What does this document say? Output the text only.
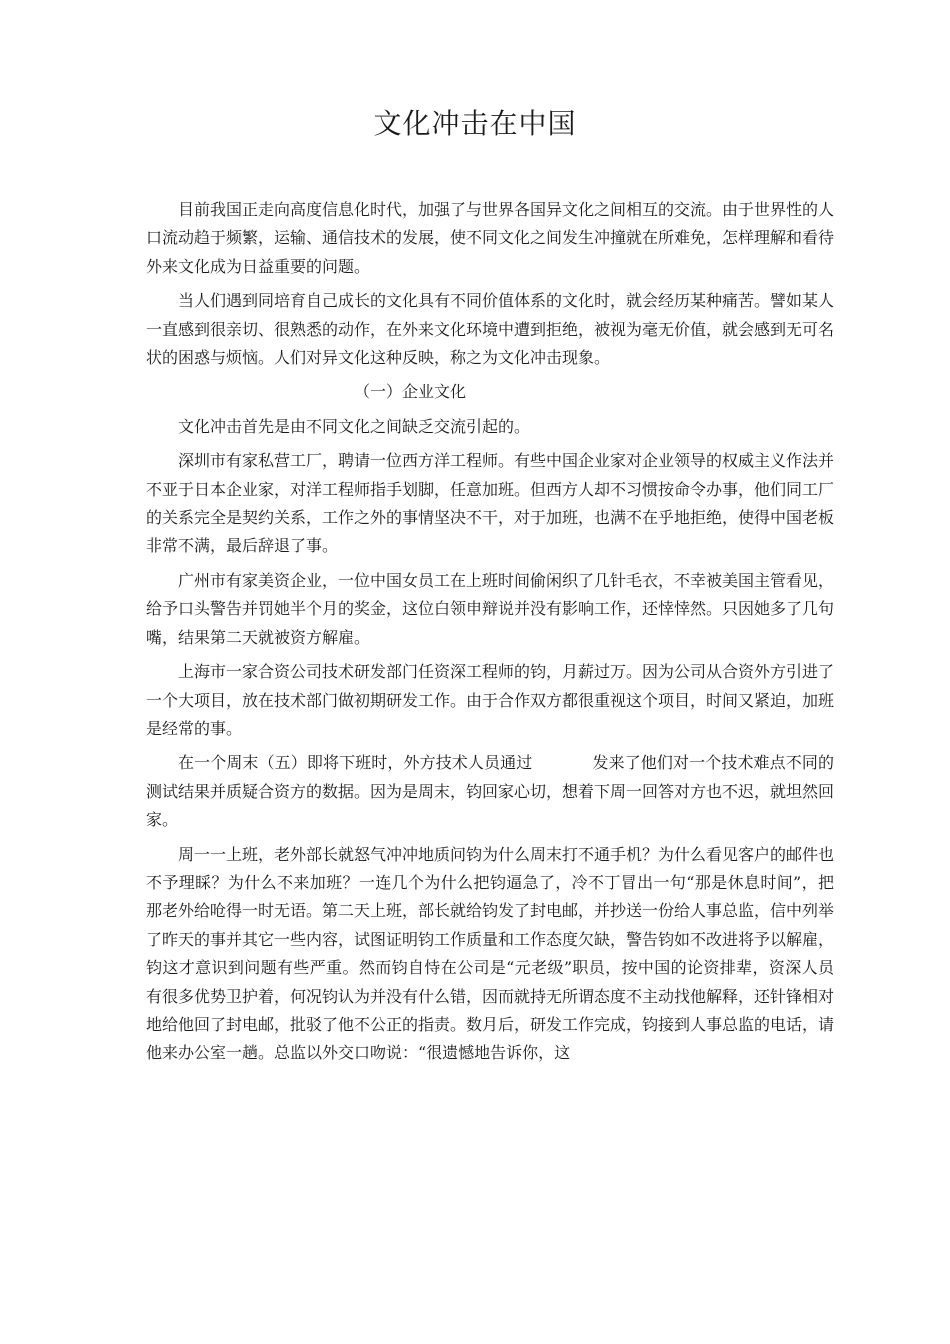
文化冲击在中国

目前我国正走向高度信息化时代，加强了与世界各国异文化之间相互的交流。由于世界性的人口流动趋于频繁，运输、通信技术的发展，使不同文化之间发生冲撞就在所难免，怎样理解和看待外来文化成为日益重要的问题。

当人们遇到同培育自己成长的文化具有不同价值体系的文化时，就会经历某种痛苦。譬如某人一直感到很亲切、很熟悉的动作，在外来文化环境中遭到拒绝，被视为毫无价值，就会感到无可名状的困惑与烦恼。人们对异文化这种反映，称之为文化冲击现象。

（一）企业文化

文化冲击首先是由不同文化之间缺乏交流引起的。

深圳市有家私营工厂，聘请一位西方洋工程师。有些中国企业家对企业领导的权威主义作法并不亚于日本企业家，对洋工程师指手划脚，任意加班。但西方人却不习惯按命令办事，他们同工厂的关系完全是契约关系，工作之外的事情坚决不干，对于加班，也满不在乎地拒绝，使得中国老板非常不满，最后辞退了事。

广州市有家美资企业，一位中国女员工在上班时间偷闲织了几针毛衣，不幸被美国主管看见，给予口头警告并罚她半个月的奖金，这位白领申辩说并没有影响工作，还悻悻然。只因她多了几句嘴，结果第二天就被资方解雇。

上海市一家合资公司技术研发部门任资深工程师的钧，月薪过万。因为公司从合资外方引进了一个大项目，放在技术部门做初期研发工作。由于合作双方都很重视这个项目，时间又紧迫，加班是经常的事。

在一个周末（五）即将下班时，外方技术人员通过	发来了他们对一个技术难点不同的测试结果并质疑合资方的数据。因为是周末，钧回家心切，想着下周一回答对方也不迟，就坦然回家。

周一一上班，老外部长就怒气冲冲地质问钧为什么周末打不通手机？为什么看见客户的邮件也不予理睬？为什么不来加班？一连几个为什么把钧逼急了，冷不丁冒出一句“那是休息时间”，把那老外给呛得一时无语。第二天上班，部长就给钧发了封电邮，并抄送一份给人事总监，信中列举了昨天的事并其它一些内容，试图证明钧工作质量和工作态度欠缺，警告钧如不改进将予以解雇，钧这才意识到问题有些严重。然而钧自恃在公司是“元老级”职员，按中国的论资排辈，资深人员有很多优势卫护着，何况钧认为并没有什么错，因而就持无所谓态度不主动找他解释，还针锋相对地给他回了封电邮，批驳了他不公正的指责。数月后，研发工作完成，钧接到人事总监的电话，请他来办公室一趟。总监以外交口吻说：“很遗憾地告诉你，这
